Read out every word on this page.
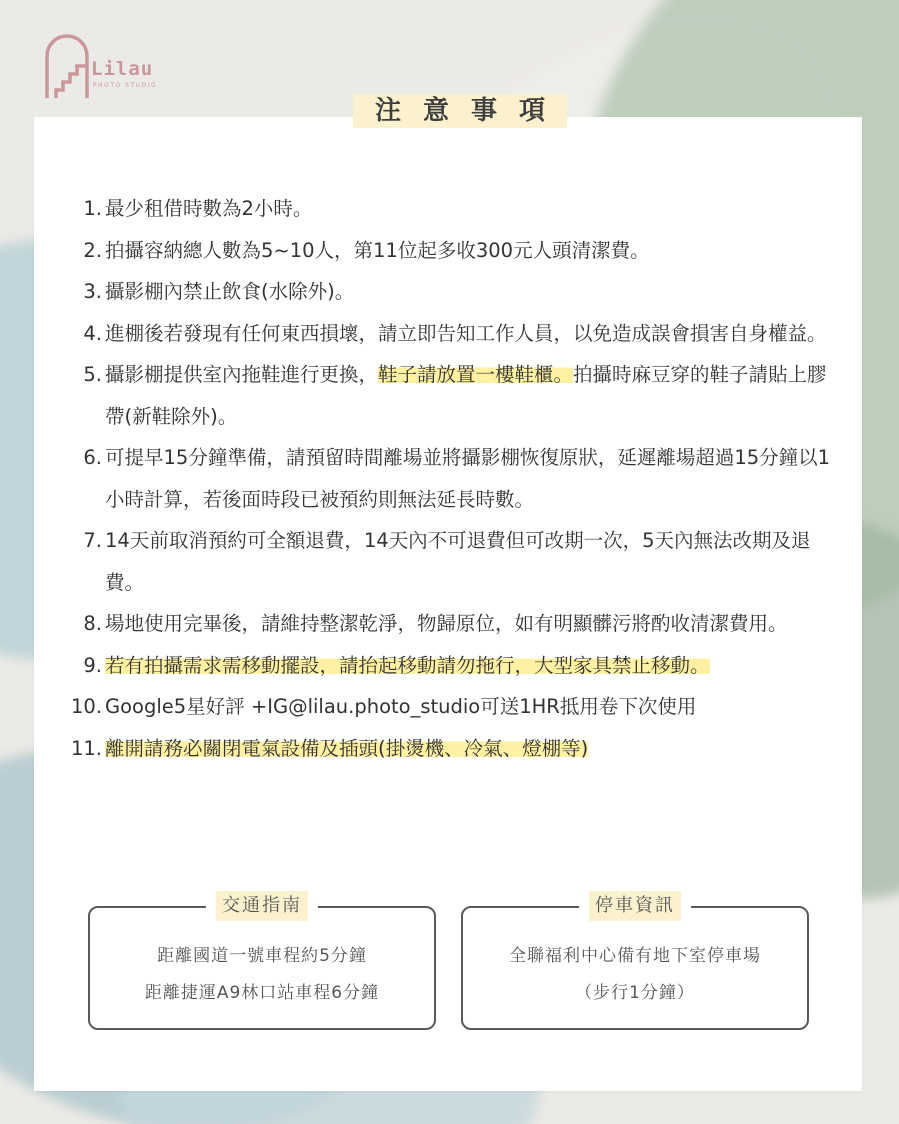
Lilau
PHOTO STUDIO
注意事項
1. 最少租借時數為2小時。
2. 拍攝容納總人數為5~10人，第11位起多收300元人頭清潔費。
3. 攝影棚內禁止飲食(水除外)。
4. 進棚後若發現有任何東西損壞，請立即告知工作人員，以免造成誤會損害自身權益。
5. 攝影棚提供室內拖鞋進行更換，鞋子請放置一樓鞋櫃。拍攝時麻豆穿的鞋子請貼上膠帶(新鞋除外)。
6. 可提早15分鐘準備，請預留時間離場並將攝影棚恢復原狀，延遲離場超過15分鐘以1小時計算，若後面時段已被預約則無法延長時數。
7. 14天前取消預約可全額退費，14天內不可退費但可改期一次，5天內無法改期及退費。
8. 場地使用完畢後，請維持整潔乾淨，物歸原位，如有明顯髒污將酌收清潔費用。
9. 若有拍攝需求需移動擺設，請抬起移動請勿拖行，大型家具禁止移動。
10. Google5星好評 +IG@lilau.photo_studio可送1HR抵用卷下次使用
11. 離開請務必關閉電氣設備及插頭(掛燙機、冷氣、燈棚等)
交通指南
距離國道一號車程約5分鐘
距離捷運A9林口站車程6分鐘
停車資訊
全聯福利中心備有地下室停車場
（步行1分鐘）
